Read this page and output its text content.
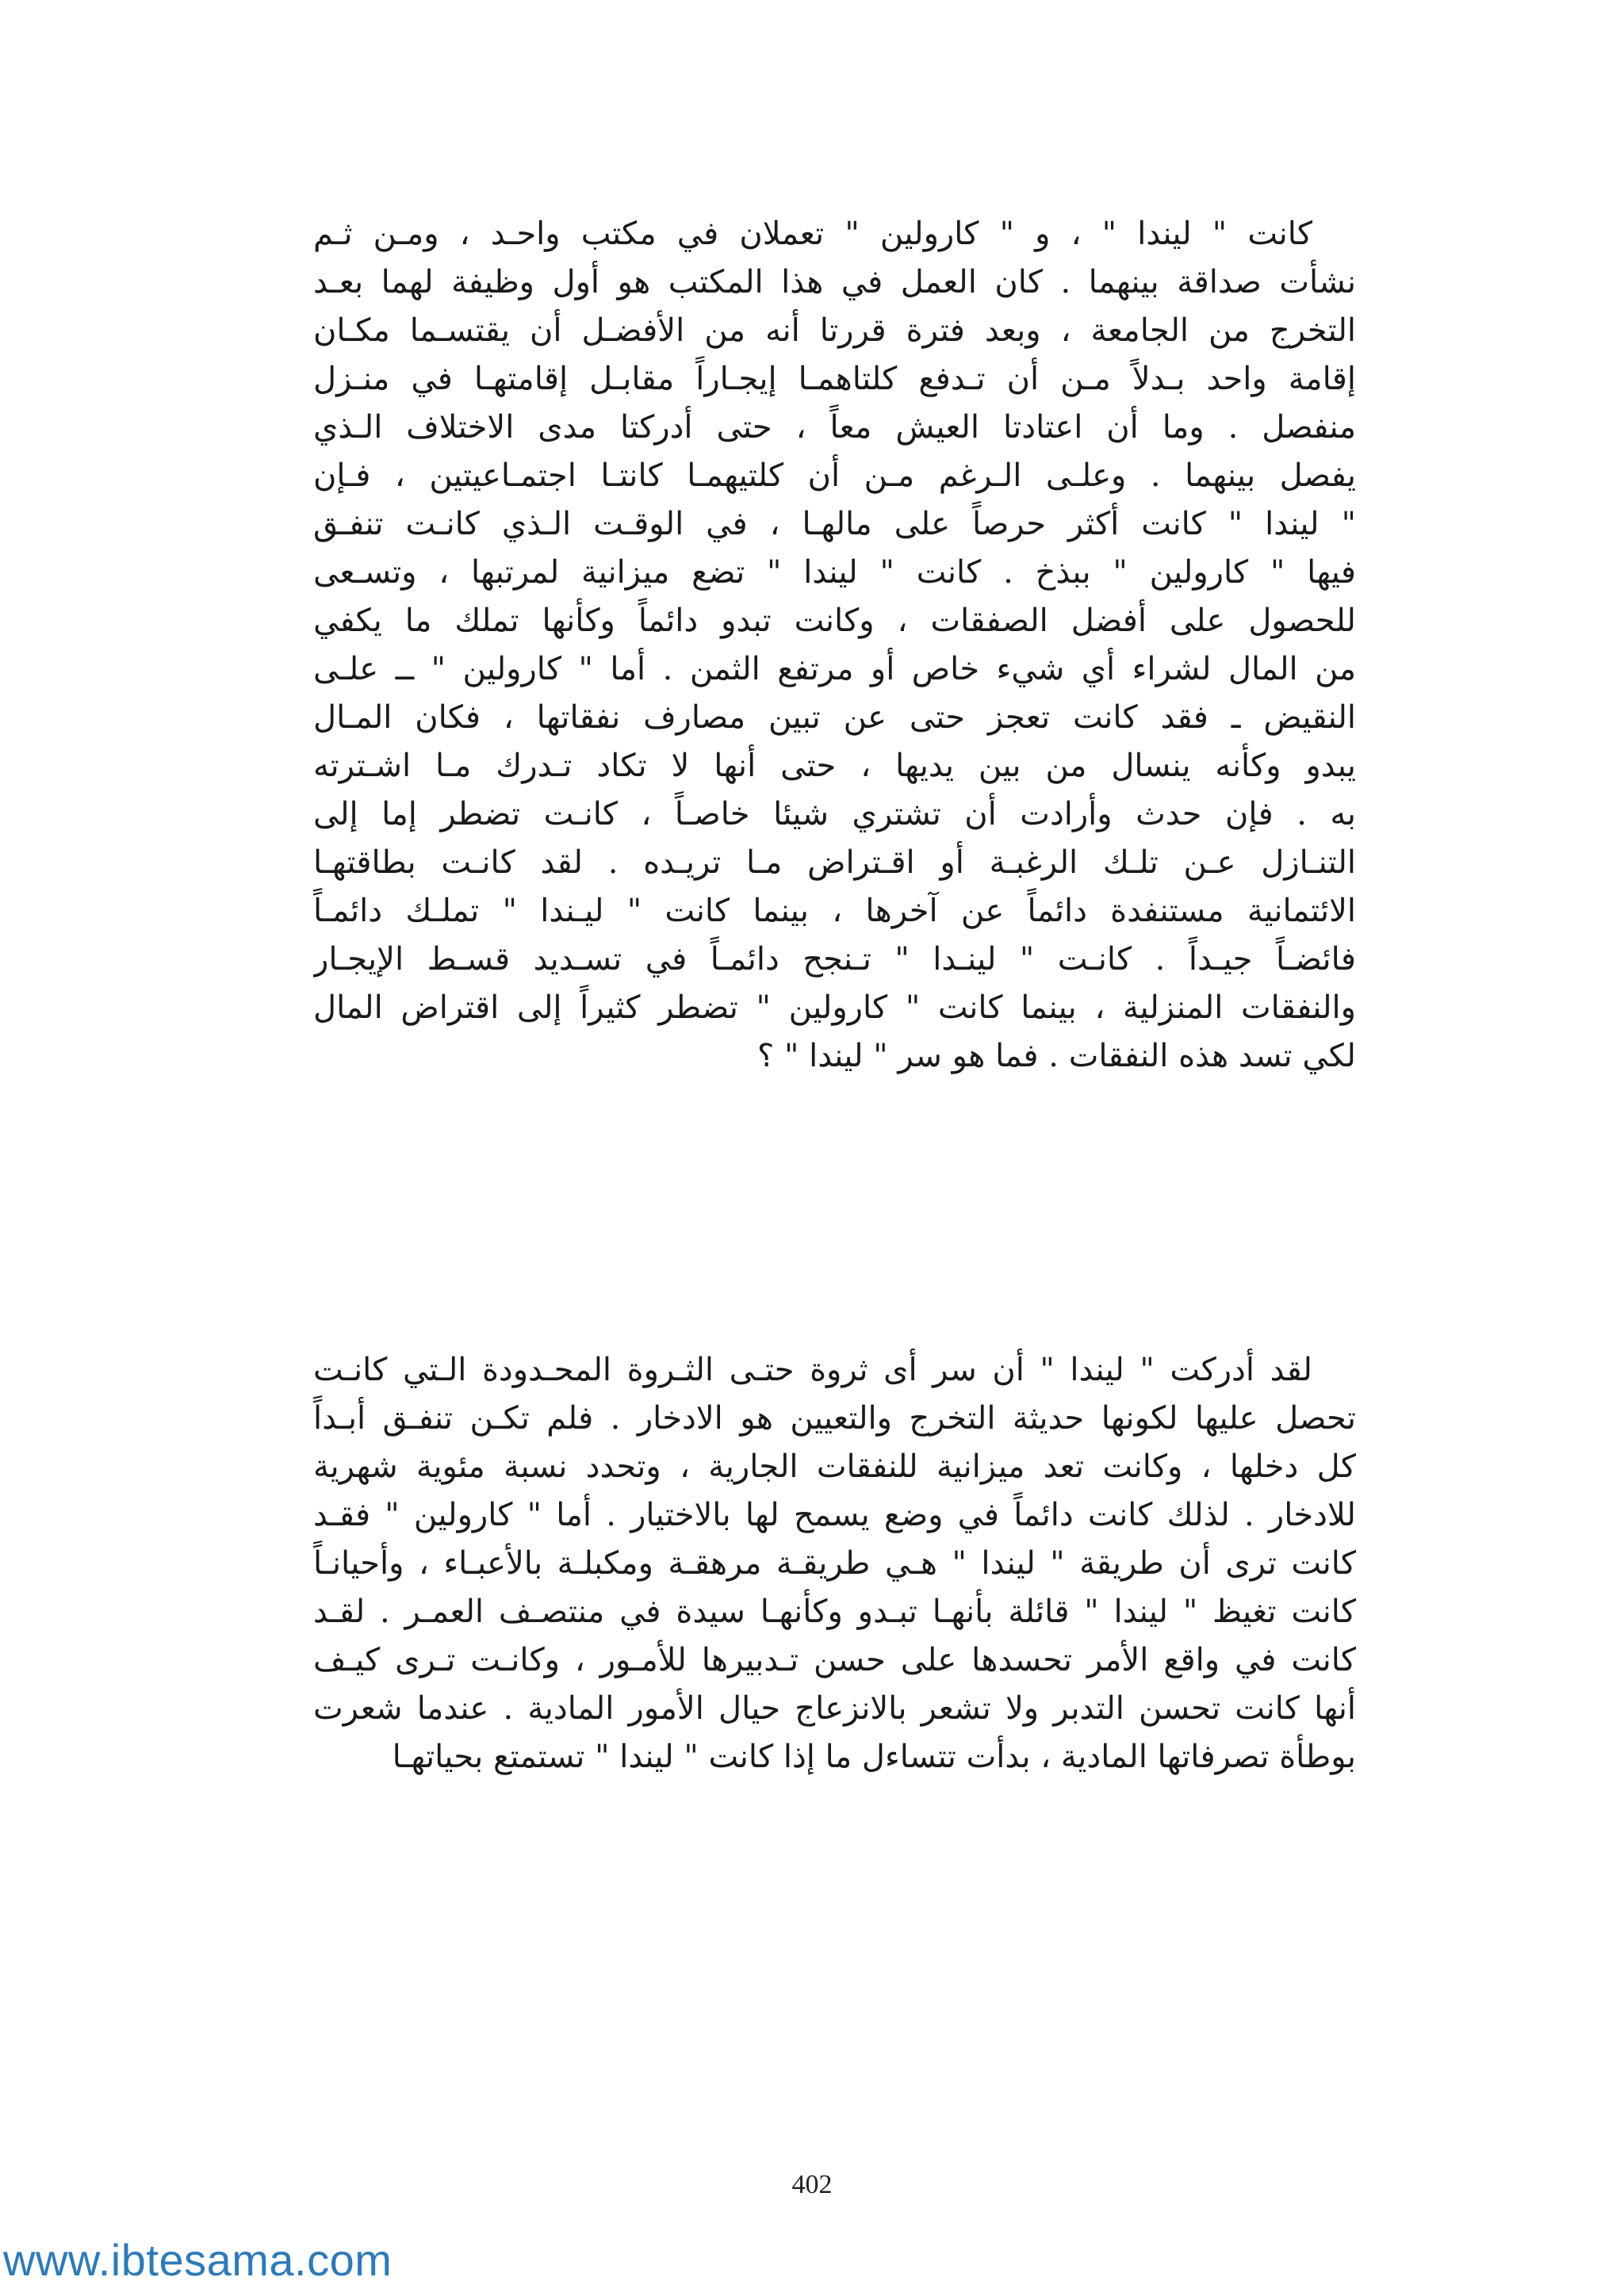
كانت " ليندا " ، و " كارولين " تعملان في مكتب واحـد ، ومـن ثـم
نشأت صداقة بينهما . كان العمل في هذا المكتب هو أول وظيفة لهما بعـد
التخرج من الجامعة ، وبعد فترة قررتا أنه من الأفضـل أن يقتسـما مكـان
إقامة واحد بـدلاً مـن أن تـدفع كلتاهمـا إيجـاراً مقابـل إقامتهـا في منـزل
منفصل . وما أن اعتادتا العيش معاً ، حتى أدركتا مدى الاختلاف الـذي
يفصل بينهما . وعلـى الـرغم مـن أن كلتيهمـا كانتـا اجتمـاعيتين ، فـإن
" ليندا " كانت أكثر حرصاً على مالهـا ، في الوقـت الـذي كانـت تنفـق
فيها " كارولين " ببذخ . كانت " ليندا " تضع ميزانية لمرتبها ، وتسـعى
للحصول على أفضل الصفقات ، وكانت تبدو دائماً وكأنها تملك ما يكفي
من المال لشراء أي شيء خاص أو مرتفع الثمن . أما " كارولين " ــ علـى
النقيض ـ فقد كانت تعجز حتى عن تبين مصارف نفقاتها ، فكان المـال
يبدو وكأنه ينسال من بين يديها ، حتى أنها لا تكاد تـدرك مـا اشـترته
به . فإن حدث وأرادت أن تشتري شيئا خاصـاً ، كانـت تضطر إما إلى
التنـازل عـن تلـك الرغبـة أو اقـتراض مـا تريـده . لقد كانـت بطاقتهـا
الائتمانية مستنفدة دائماً عن آخرها ، بينما كانت " ليـندا " تملـك دائمـاً
فائضـاً جيـداً . كانـت " لينـدا " تـنجح دائمـاً في تسـديد قسـط الإيجـار
والنفقات المنزلية ، بينما كانت " كارولين " تضطر كثيراً إلى اقتراض المال
لكي تسد هذه النفقات . فما هو سر " ليندا " ؟
لقد أدركت " ليندا " أن سر أى ثروة حتـى الثـروة المحـدودة الـتي كانـت
تحصل عليها لكونها حديثة التخرج والتعيين هو الادخار . فلم تكـن تنفـق أبـداً
كل دخلها ، وكانت تعد ميزانية للنفقات الجارية ، وتحدد نسبة مئوية شهرية
للادخار . لذلك كانت دائماً في وضع يسمح لها بالاختيار . أما " كارولين " فقـد
كانت ترى أن طريقة " ليندا " هـي طريقـة مرهقـة ومكبلـة بالأعبـاء ، وأحيانـاً
كانت تغيظ " ليندا " قائلة بأنهـا تبـدو وكأنهـا سيدة في منتصـف العمـر . لقـد
كانت في واقع الأمر تحسدها على حسن تـدبيرها للأمـور ، وكانـت تـرى كيـف
أنها كانت تحسن التدبر ولا تشعر بالانزعاج حيال الأمور المادية . عندما شعرت
بوطأة تصرفاتها المادية ، بدأت تتساءل ما إذا كانت " ليندا " تستمتع بحياتهـا
402
www.ibtesama.com
